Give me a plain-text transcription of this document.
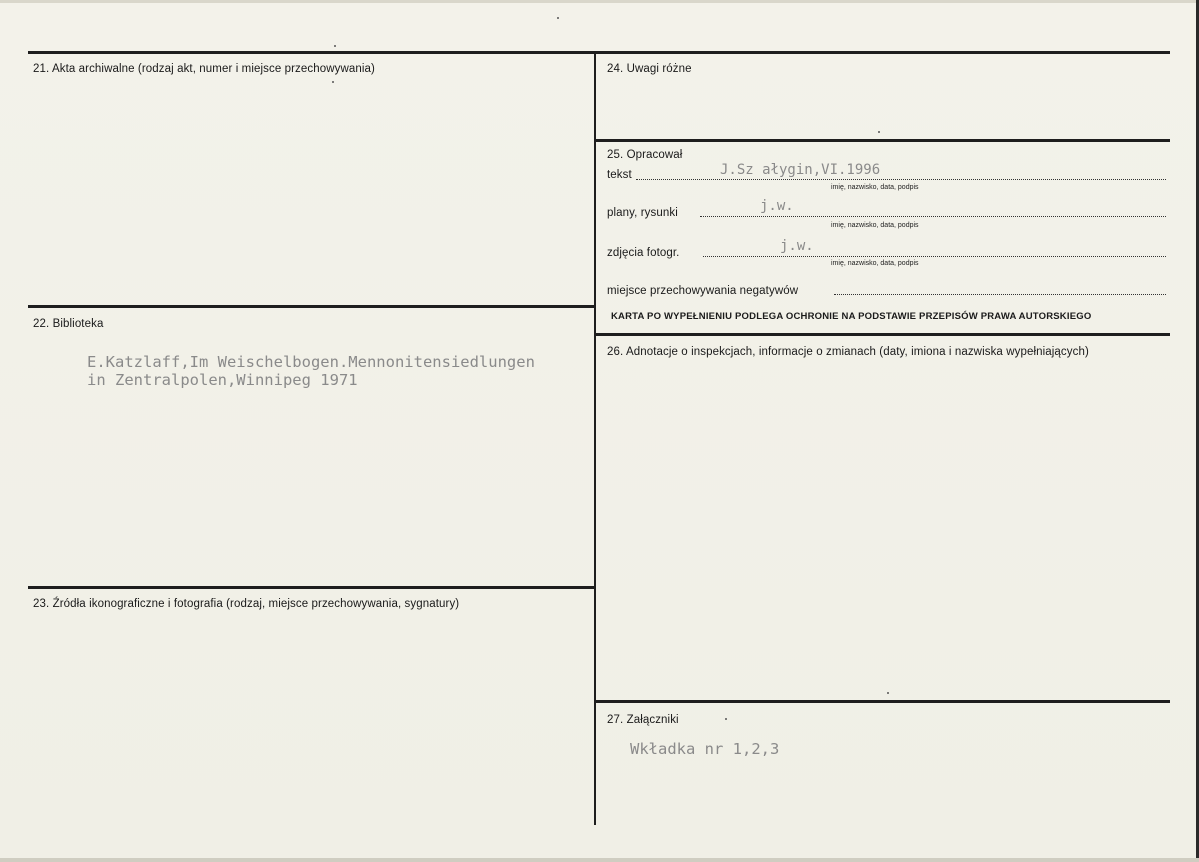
21. Akta archiwalne (rodzaj akt, numer i miejsce przechowywania)
22. Biblioteka
E.Katzlaff,Im Weischelbogen.Mennonitensiedlungen
in Zentralpolen,Winnipeg 1971
23. Źródła ikonograficzne i fotografia (rodzaj, miejsce przechowywania, sygnatury)
24. Uwagi różne
25. Opracował
tekst	J.Sz ałygin,VI.1996
imię, nazwisko, data, podpis
plany, rysunki	j.w.
imię, nazwisko, data, podpis
zdjęcia fotogr.	j.w.
imię, nazwisko, data, podpis
miejsce przechowywania negatywów
KARTA PO WYPEŁNIENIU PODLEGA OCHRONIE NA PODSTAWIE PRZEPISÓW PRAWA AUTORSKIEGO
26. Adnotacje o inspekcjach, informacje o zmianach (daty, imiona i nazwiska wypełniających)
27. Załączniki
Wkładka nr 1,2,3
